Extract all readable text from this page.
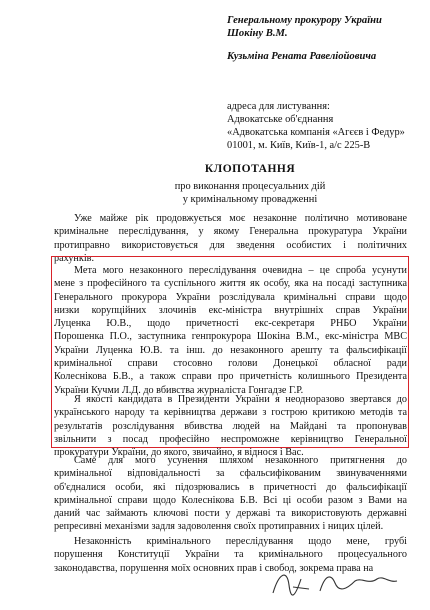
Генеральному прокурору України
Шокіну В.М.
Кузьміна Рената Равеліойовича
адреса для листування:
Адвокатське об'єднання
«Адвокатська компанія «Агєєв і Федур»
01001, м. Київ, Київ-1, а/с 225-В
КЛОПОТАННЯ
про виконання процесуальних дій
у кримінальному провадженні
Уже майже рік продовжується моє незаконне політично мотивоване
кримінальне переслідування, у якому Генеральна прокуратура України
протиправно використовується для зведення особистих і політичних
рахунків.
Мета мого незаконного переслідування очевидна – це спроба усунути
мене з професійного та суспільного життя як особу, яка на посаді заступника
Генерального прокурора України розслідувала кримінальні справи щодо
низки корупційних злочинів екс-міністра внутрішніх справ України
Луценка Ю.В., щодо причетності екс-секретаря РНБО України
Порошенка П.О., заступника генпрокурора Шокіна В.М., екс-міністра МВС
України Луценка Ю.В. та інш. до незаконного арешту та фальсифікації
кримінальної справи стосовно голови Донецької обласної ради
Колеснікова Б.В., а також справи про причетність колишнього Президента
України Кучми Л.Д. до вбивства журналіста Гонгадзе Г.Р.
Я якості кандидата в Президенти України я неодноразово звертався до
українського народу та керівництва держави з гострою критикою методів та
результатів розслідування вбивства людей на Майдані та пропонував
звільнити з посад професійно неспроможне керівництво Генеральної
прокуратури України, до якого, звичайно, я віднося і Вас.
Саме для мого усунення шляхом незаконного притягнення до
кримінальної відповідальності за сфальсифікованим звинуваченнями
об'єдналися особи, які підозрювались в причетності до фальсифікації
кримінальної справи щодо Колеснікова Б.В. Всі ці особи разом з Вами на
даний час займають ключові пости у державі та використовують державні
репресивні механізми задля задоволення своїх протиправних і ницих цілей.
Незаконність кримінального переслідування щодо мене, грубі
порушення Конституції України та кримінального процесуального
законодавства, порушення моїх основних прав і свобод, зокрема права на
